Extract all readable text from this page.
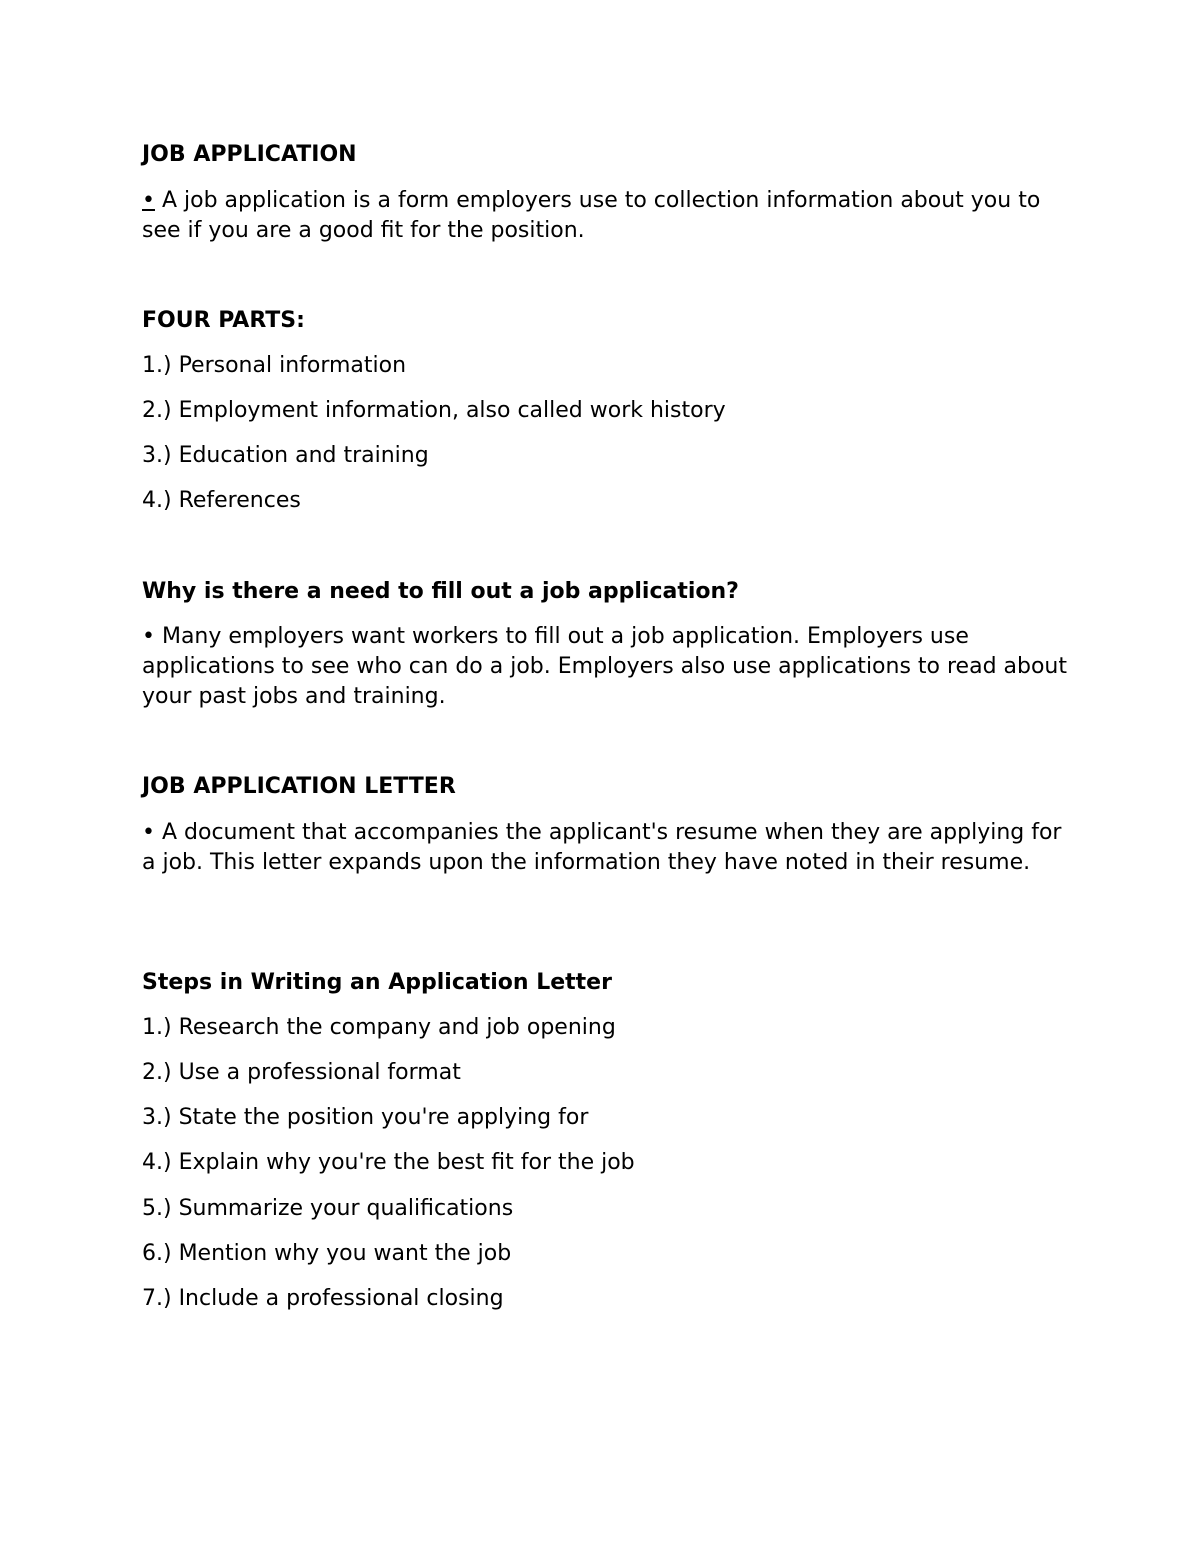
JOB APPLICATION

• A job application is a form employers use to collection information about you to see if you are a good fit for the position.

FOUR PARTS:

1.) Personal information

2.) Employment information, also called work history

3.) Education and training

4.) References

Why is there a need to fill out a job application?

• Many employers want workers to fill out a job application. Employers use applications to see who can do a job. Employers also use applications to read about your past jobs and training.

JOB APPLICATION LETTER

• A document that accompanies the applicant's resume when they are applying for a job. This letter expands upon the information they have noted in their resume.

Steps in Writing an Application Letter

1.) Research the company and job opening

2.) Use a professional format

3.) State the position you're applying for

4.) Explain why you're the best fit for the job

5.) Summarize your qualifications

6.) Mention why you want the job

7.) Include a professional closing
